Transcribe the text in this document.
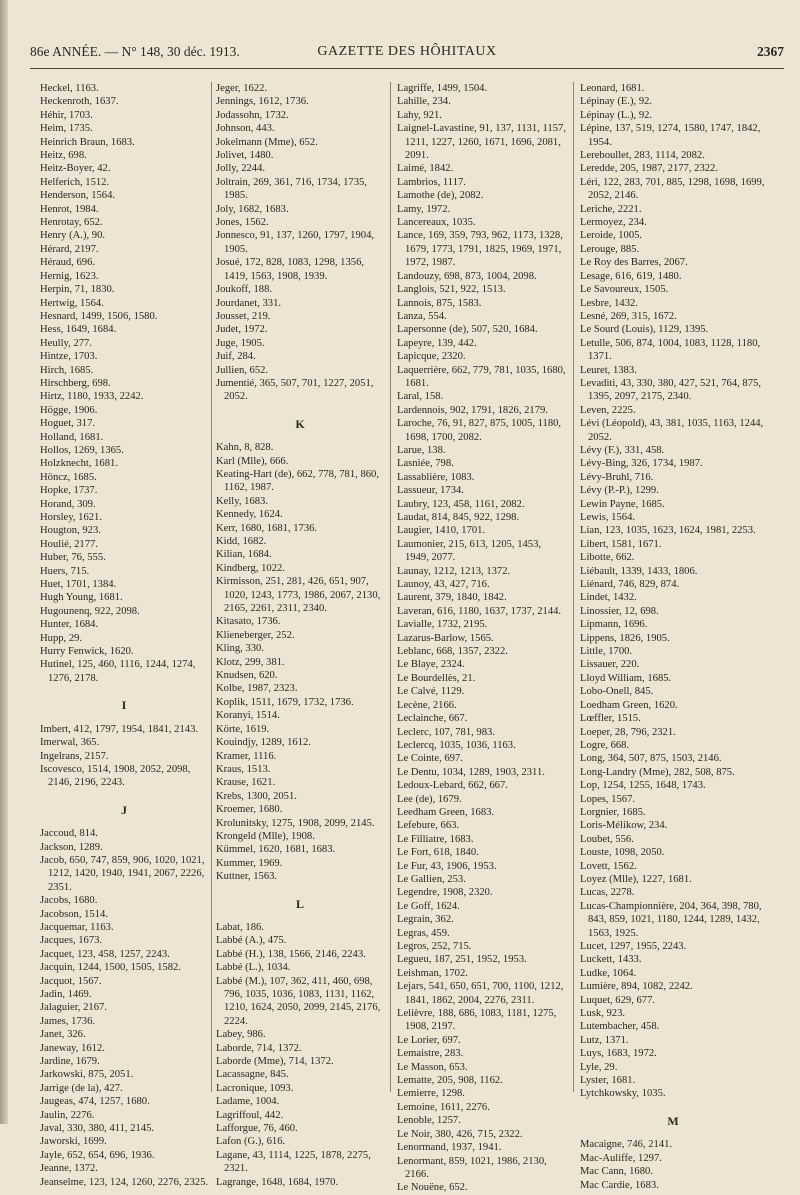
86e ANNÉE. — N° 148, 30 déc. 1913.	GAZETTE DES HÔHITAUX	2367
Heckel, 1163.
Heckenroth, 1637.
Héhir, 1703.
Heim, 1735.
Heinrich Braun, 1683.
Heitz, 698.
Heitz-Boyer, 42.
Helferich, 1512.
Henderson, 1564.
Henrot, 1984.
Henrotay, 652.
Henry (A.), 90.
Hérard, 2197.
Héraud, 696.
Hernig, 1623.
Herpin, 71, 1830.
Hertwig, 1564.
Hesnard, 1499, 1506, 1580.
Hess, 1649, 1684.
Heully, 277.
Hintze, 1703.
Hirch, 1685.
Hirschberg, 698.
Hirtz, 1180, 1933, 2242.
Högge, 1906.
Hoguet, 317.
Holland, 1681.
Hollos, 1269, 1365.
Holzknecht, 1681.
Höncz, 1685.
Hopke, 1737.
Horand, 309.
Horsley, 1621.
Hougton, 923.
Houlié, 2177.
Huber, 76, 555.
Huers, 715.
Huet, 1701, 1384.
Hugh Young, 1681.
Hugounenq, 922, 2098.
Hunter, 1684.
Hupp, 29.
Hurry Fenwick, 1620.
Hutinel, 125, 460, 1116, 1244, 1274, 1276, 2178.
I
Imbert, 412, 1797, 1954, 1841, 2143.
Imerwal, 365.
Ingelrans, 2157.
Iscovesco, 1514, 1908, 2052, 2098, 2146, 2196, 2243.
J
Jaccoud, 814.
Jackson, 1289.
Jacob, 650, 747, 859, 906, 1020, 1021, 1212, 1420, 1940, 1941, 2067, 2226, 2351.
Jacobs, 1680.
Jacobson, 1514.
Jacquemar, 1163.
Jacques, 1673.
Jacquet, 123, 458, 1257, 2243.
Jacquin, 1244, 1500, 1505, 1582.
Jacquot, 1567.
Jadin, 1469.
Jalaguier, 2167.
James, 1736.
Janet, 326.
Janeway, 1612.
Jardine, 1679.
Jarkowski, 875, 2051.
Jarrige (de la), 427.
Jaugeas, 474, 1257, 1680.
Jaulin, 2276.
Javal, 330, 380, 411, 2145.
Jaworski, 1699.
Jayle, 652, 654, 696, 1936.
Jeanne, 1372.
Jeanselme, 123, 124, 1260, 2276, 2325.
Jeger, 1622.
Jennings, 1612, 1736.
Jodassohn, 1732.
Johnson, 443.
Jokelmann (Mme), 652.
Jolivet, 1480.
Jolly, 2244.
Joltrain, 269, 361, 716, 1734, 1735, 1985.
Joly, 1682, 1683.
Jones, 1562.
Jonnesco, 91, 137, 1260, 1797, 1904, 1905.
Josué, 172, 828, 1083, 1298, 1356, 1419, 1563, 1908, 1939.
Joukoff, 188.
Jourdanet, 331.
Jousset, 219.
Judet, 1972.
Juge, 1905.
Juif, 284.
Jullien, 652.
Jumentié, 365, 507, 701, 1227, 2051, 2052.
K
Kahn, 8, 828.
Karl (Mlle), 666.
Keating-Hart (de), 662, 778, 781, 860, 1162, 1987.
Kelly, 1683.
Kennedy, 1624.
Kerr, 1680, 1681, 1736.
Kidd, 1682.
Kilian, 1684.
Kindberg, 1022.
Kirmisson, 251, 281, 426, 651, 907, 1020, 1243, 1773, 1986, 2067, 2130, 2165, 2261, 2311, 2340.
Kitasato, 1736.
Klieneberger, 252.
Kling, 330.
Klotz, 299, 381.
Knudsen, 620.
Kolbe, 1987, 2323.
Koplik, 1511, 1679, 1732, 1736.
Koranyi, 1514.
Körte, 1619.
Kouindjy, 1289, 1612.
Kramer, 1116.
Kraus, 1513.
Krause, 1621.
Krebs, 1300, 2051.
Kroemer, 1680.
Krolunitsky, 1275, 1908, 2099, 2145.
Krongeld (Mlle), 1908.
Kümmel, 1620, 1681, 1683.
Kummer, 1969.
Kuttner, 1563.
L
Labat, 186.
Labbé (A.), 475.
Labbé (H.), 138, 1566, 2146, 2243.
Labbé (L.), 1034.
Labbé (M.), 107, 362, 411, 460, 698, 796, 1035, 1036, 1083, 1131, 1162, 1210, 1624, 2050, 2099, 2145, 2176, 2224.
Labey, 986.
Laborde, 714, 1372.
Laborde (Mme), 714, 1372.
Lacassagne, 845.
Lacronique, 1093.
Ladame, 1004.
Lagriffoul, 442.
Lafforgue, 76, 460.
Lafon (G.), 616.
Lagane, 43, 1114, 1225, 1878, 2275, 2321.
Lagrange, 1648, 1684, 1970.
Lagriffe, 1499, 1504.
Lahille, 234.
Lahy, 921.
Laignel-Lavastine, 91, 137, 1131, 1157, 1211, 1227, 1260, 1671, 1696, 2081, 2091.
Laimé, 1842.
Lambrios, 1117.
Lamothe (de), 2082.
Lamy, 1972.
Lancereaux, 1035.
Lance, 169, 359, 793, 962, 1173, 1328, 1679, 1773, 1791, 1825, 1969, 1971, 1972, 1987.
Landouzy, 698, 873, 1004, 2098.
Langlois, 521, 922, 1513.
Lannois, 875, 1583.
Lanza, 554.
Lapersonne (de), 507, 520, 1684.
Lapeyre, 139, 442.
Lapicque, 2320.
Laquerrière, 662, 779, 781, 1035, 1680, 1681.
Laral, 158.
Lardennois, 902, 1791, 1826, 2179.
Laroche, 76, 91, 827, 875, 1005, 1180, 1698, 1700, 2082.
Larue, 138.
Lasniée, 798.
Lassablière, 1083.
Lassueur, 1734.
Laubry, 123, 458, 1161, 2082.
Laudat, 814, 845, 922, 1298.
Laugier, 1410, 1701.
Laumonier, 215, 613, 1205, 1453, 1949, 2077.
Launay, 1212, 1213, 1372.
Launoy, 43, 427, 716.
Laurent, 379, 1840, 1842.
Laveran, 616, 1180, 1637, 1737, 2144.
Lavialle, 1732, 2195.
Lazarus-Barlow, 1565.
Leblanc, 668, 1357, 2322.
Le Blaye, 2324.
Le Bourdellès, 21.
Le Calvé, 1129.
Lecène, 2166.
Leclainche, 667.
Leclerc, 107, 781, 983.
Leclercq, 1035, 1036, 1163.
Le Cointe, 697.
Le Dentu, 1034, 1289, 1903, 2311.
Ledoux-Lebard, 662, 667.
Lee (de), 1679.
Leedham Green, 1683.
Lefebure, 663.
Le Filliatre, 1683.
Le Fort, 618, 1840.
Le Fur, 43, 1906, 1953.
Le Gallien, 253.
Legendre, 1908, 2320.
Le Goff, 1624.
Legrain, 362.
Legras, 459.
Legros, 252, 715.
Legueu, 187, 251, 1952, 1953.
Leishman, 1702.
Lejars, 541, 650, 651, 700, 1100, 1212, 1841, 1862, 2004, 2276, 2311.
Lelièvre, 188, 686, 1083, 1181, 1275, 1908, 2197.
Le Lorier, 697.
Lemaistre, 283.
Le Masson, 653.
Lematte, 205, 908, 1162.
Lemierre, 1298.
Lemoine, 1611, 2276.
Lenoble, 1257.
Le Noir, 380, 426, 715, 2322.
Lenormand, 1937, 1941.
Lenormant, 859, 1021, 1986, 2130, 2166.
Le Nouëne, 652.
Leonard, 1681.
Lépinay (E.), 92.
Lépinay (L.), 92.
Lépine, 137, 519, 1274, 1580, 1747, 1842, 1954.
Lereboullet, 283, 1114, 2082.
Leredde, 205, 1987, 2177, 2322.
Léri, 122, 283, 701, 885, 1298, 1698, 1699, 2052, 2146.
Leriche, 2221.
Lermoyez, 234.
Leroide, 1005.
Lerouge, 885.
Le Roy des Barres, 2067.
Lesage, 616, 619, 1480.
Le Savoureux, 1505.
Lesbre, 1432.
Lesné, 269, 315, 1672.
Le Sourd (Louis), 1129, 1395.
Letulle, 506, 874, 1004, 1083, 1128, 1180, 1371.
Leuret, 1383.
Levaditi, 43, 330, 380, 427, 521, 764, 875, 1395, 2097, 2175, 2340.
Leven, 2225.
Lévi (Léopold), 43, 381, 1035, 1163, 1244, 2052.
Lévy (F.), 331, 458.
Lévy-Bing, 326, 1734, 1987.
Lévy-Bruhl, 716.
Lévy (P.-P.), 1299.
Lewin Payne, 1685.
Lewis, 1564.
Lian, 123, 1035, 1623, 1624, 1981, 2253.
Libert, 1581, 1671.
Libotte, 662.
Liébault, 1339, 1433, 1806.
Liénard, 746, 829, 874.
Lindet, 1432.
Linossier, 12, 698.
Lipmann, 1696.
Lippens, 1826, 1905.
Little, 1700.
Lissauer, 220.
Lloyd William, 1685.
Lobo-Onell, 845.
Loedham Green, 1620.
Lœffler, 1515.
Loeper, 28, 796, 2321.
Logre, 668.
Long, 364, 507, 875, 1503, 2146.
Long-Landry (Mme), 282, 508, 875.
Lop, 1254, 1255, 1648, 1743.
Lopes, 1567.
Lorgnier, 1685.
Loris-Mélikow, 234.
Loubet, 556.
Louste, 1098, 2050.
Lovett, 1562.
Loyez (Mlle), 1227, 1681.
Lucas, 2278.
Lucas-Championnière, 204, 364, 398, 780, 843, 859, 1021, 1180, 1244, 1289, 1432, 1563, 1925.
Lucet, 1297, 1955, 2243.
Luckett, 1433.
Ludke, 1064.
Lumière, 894, 1082, 2242.
Luquet, 629, 677.
Lusk, 923.
Lutembacher, 458.
Lutz, 1371.
Luys, 1683, 1972.
Lyle, 29.
Lyster, 1681.
Lytchkowsky, 1035.
M
Macaigne, 746, 2141.
Mac-Auliffe, 1297.
Mac Cann, 1680.
Mac Cardie, 1683.
